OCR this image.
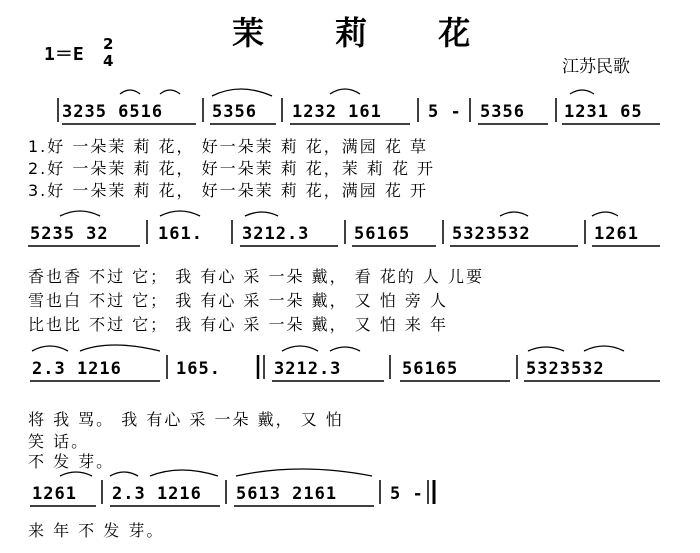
茉 莉 花
1＝E 2
4	江苏民歌
3235 6516	5356 1232 161	5 - 5356 1231 65
1.好 一朵茉 莉 花， 好一朵茉 莉 花，满园 花 草
2.好 一朵茉 莉 花， 好一朵茉 莉 花，茉 莉 花 开
3.好 一朵茉 莉 花， 好一朵茉 莉 花，满园 花 开
5235 32	161. 3212.3	56165 5323532	1261
香也香 不过 它； 我 有心 采 一朵 戴， 看 花的 人 儿要
雪也白 不过 它； 我 有心 采 一朵 戴， 又 怕 旁 人
比也比 不过 它； 我 有心 采 一朵 戴， 又 怕 来 年
2.3 1216	165.	3212.3	56165	5323532
将 我 骂。 我 有心 采 一朵 戴， 又 怕
笑 话。
不 发 芽。
1261 2.3 1216 5613 2161	5 -
来 年 不 发 芽。
